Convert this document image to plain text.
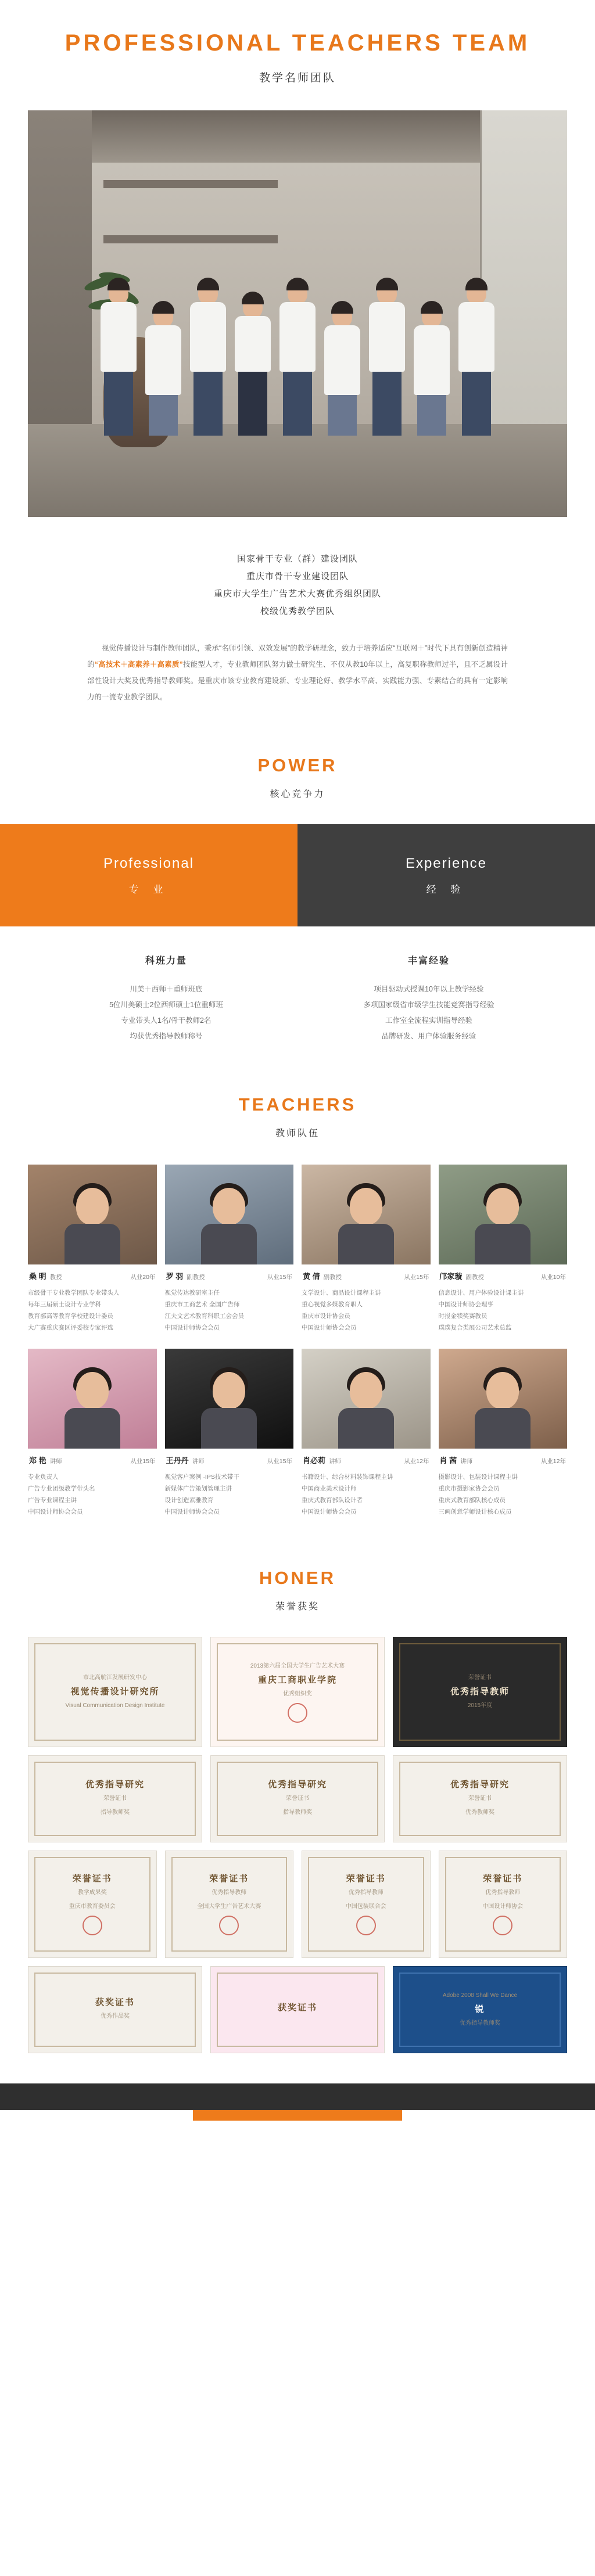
PROFESSIONAL TEACHERS TEAM
教学名师团队
国家骨干专业（群）建设团队
重庆市骨干专业建设团队
重庆市大学生广告艺术大赛优秀组织团队
校级优秀教学团队

视觉传播设计与制作教师团队，秉承“名师引领、双效发展”的教学研理念，致力于培养适应“互联网＋”时代下具有创新创造精神的“高技术＋高素养＋高素质”技能型人才，专业教师团队努力做士研究生、不仅从教10年以上，高复职称教师过半，且不乏属设计部性设计大奖及优秀指导教师奖。是重庆市该专业教育建设新、专业理论好、教学水平高、实践能力强、专素结合的具有一定影响力的一流专业教学团队。

POWER
核心竞争力
Professional
专 业
Experience
经 验
科班力量
川美＋西师＋重师班底
5位川美硕士2位西师硕士1位重师班
专业带头人1名/骨干教师2名
均获优秀指导教师称号
丰富经验
项目驱动式授课10年以上教学经验
多项国家级省市级学生技能竞赛指导经验
工作室全流程实训指导经验
品牌研发、用户体验服务经验
TEACHERS
教师队伍
桑 明 教授	从业20年
市级骨干专业教学团队专业带头人
每年三届硕士设计专业学科
教育部高等教育学校建设计委员
大广赛重庆赛区评委校专家评选
罗 羽 副教授	从业15年
视觉传达教研室主任
重庆市工商艺术 全国广告师
江夫文艺术教育科职工会会员
中国设计师协会会员
黄 倩 副教授	从业15年
文学设计、商品设计课程主讲
重心视觉多媒教育职人
重庆市设计协会员
中国设计师协会会员
邝家璇 副教授	从业10年
信息设计、用户体验设计课主讲
中国设计师协会理事
时报金犊奖赛教员
璞璞复合类展公司艺术总监
郑 艳 讲师	从业15年
专业负责人
广告专业团级教学带头名
广告专业课程主讲
中国设计师协会会员
王丹丹 讲师	从业15年
视觉客户案例 ·IPS技术带干
新媒体广告策划管理主讲
设计创造素雅教育
中国设计师协会会员
肖必莉 讲师	从业12年
书籍设计、综合材料装饰课程主讲
中国商业美术设计师
重庆式教育部队设计者
中国设计师协会会员
肖 茜 讲师	从业12年
摄影设计、包装设计课程主讲
重庆市摄影家协会会员
重庆式教育部队核心成员
三画创意学师设计核心成员
HONER
荣誉获奖
市北高航江发展研发中心
视觉传播设计研究所
Visual Communication Design Institute
2013第六届全国大学生广告艺术大赛
重庆工商职业学院
优秀组织奖
荣誉证书
优秀指导教师
2015年度
优秀指导研究
荣誉证书
指导教师奖
优秀指导研究
荣誉证书
指导教师奖
优秀指导研究
荣誉证书
优秀教师奖
荣誉证书
教学成果奖
重庆市教育委员会
荣誉证书
优秀指导教师
全国大学生广告艺术大赛
荣誉证书
优秀指导教师
中国包装联合会
荣誉证书
优秀指导教师
中国设计师协会
获奖证书
优秀作品奖
获奖证书
Adobe 2008 Shall We Dance
锐
优秀指导教师奖
